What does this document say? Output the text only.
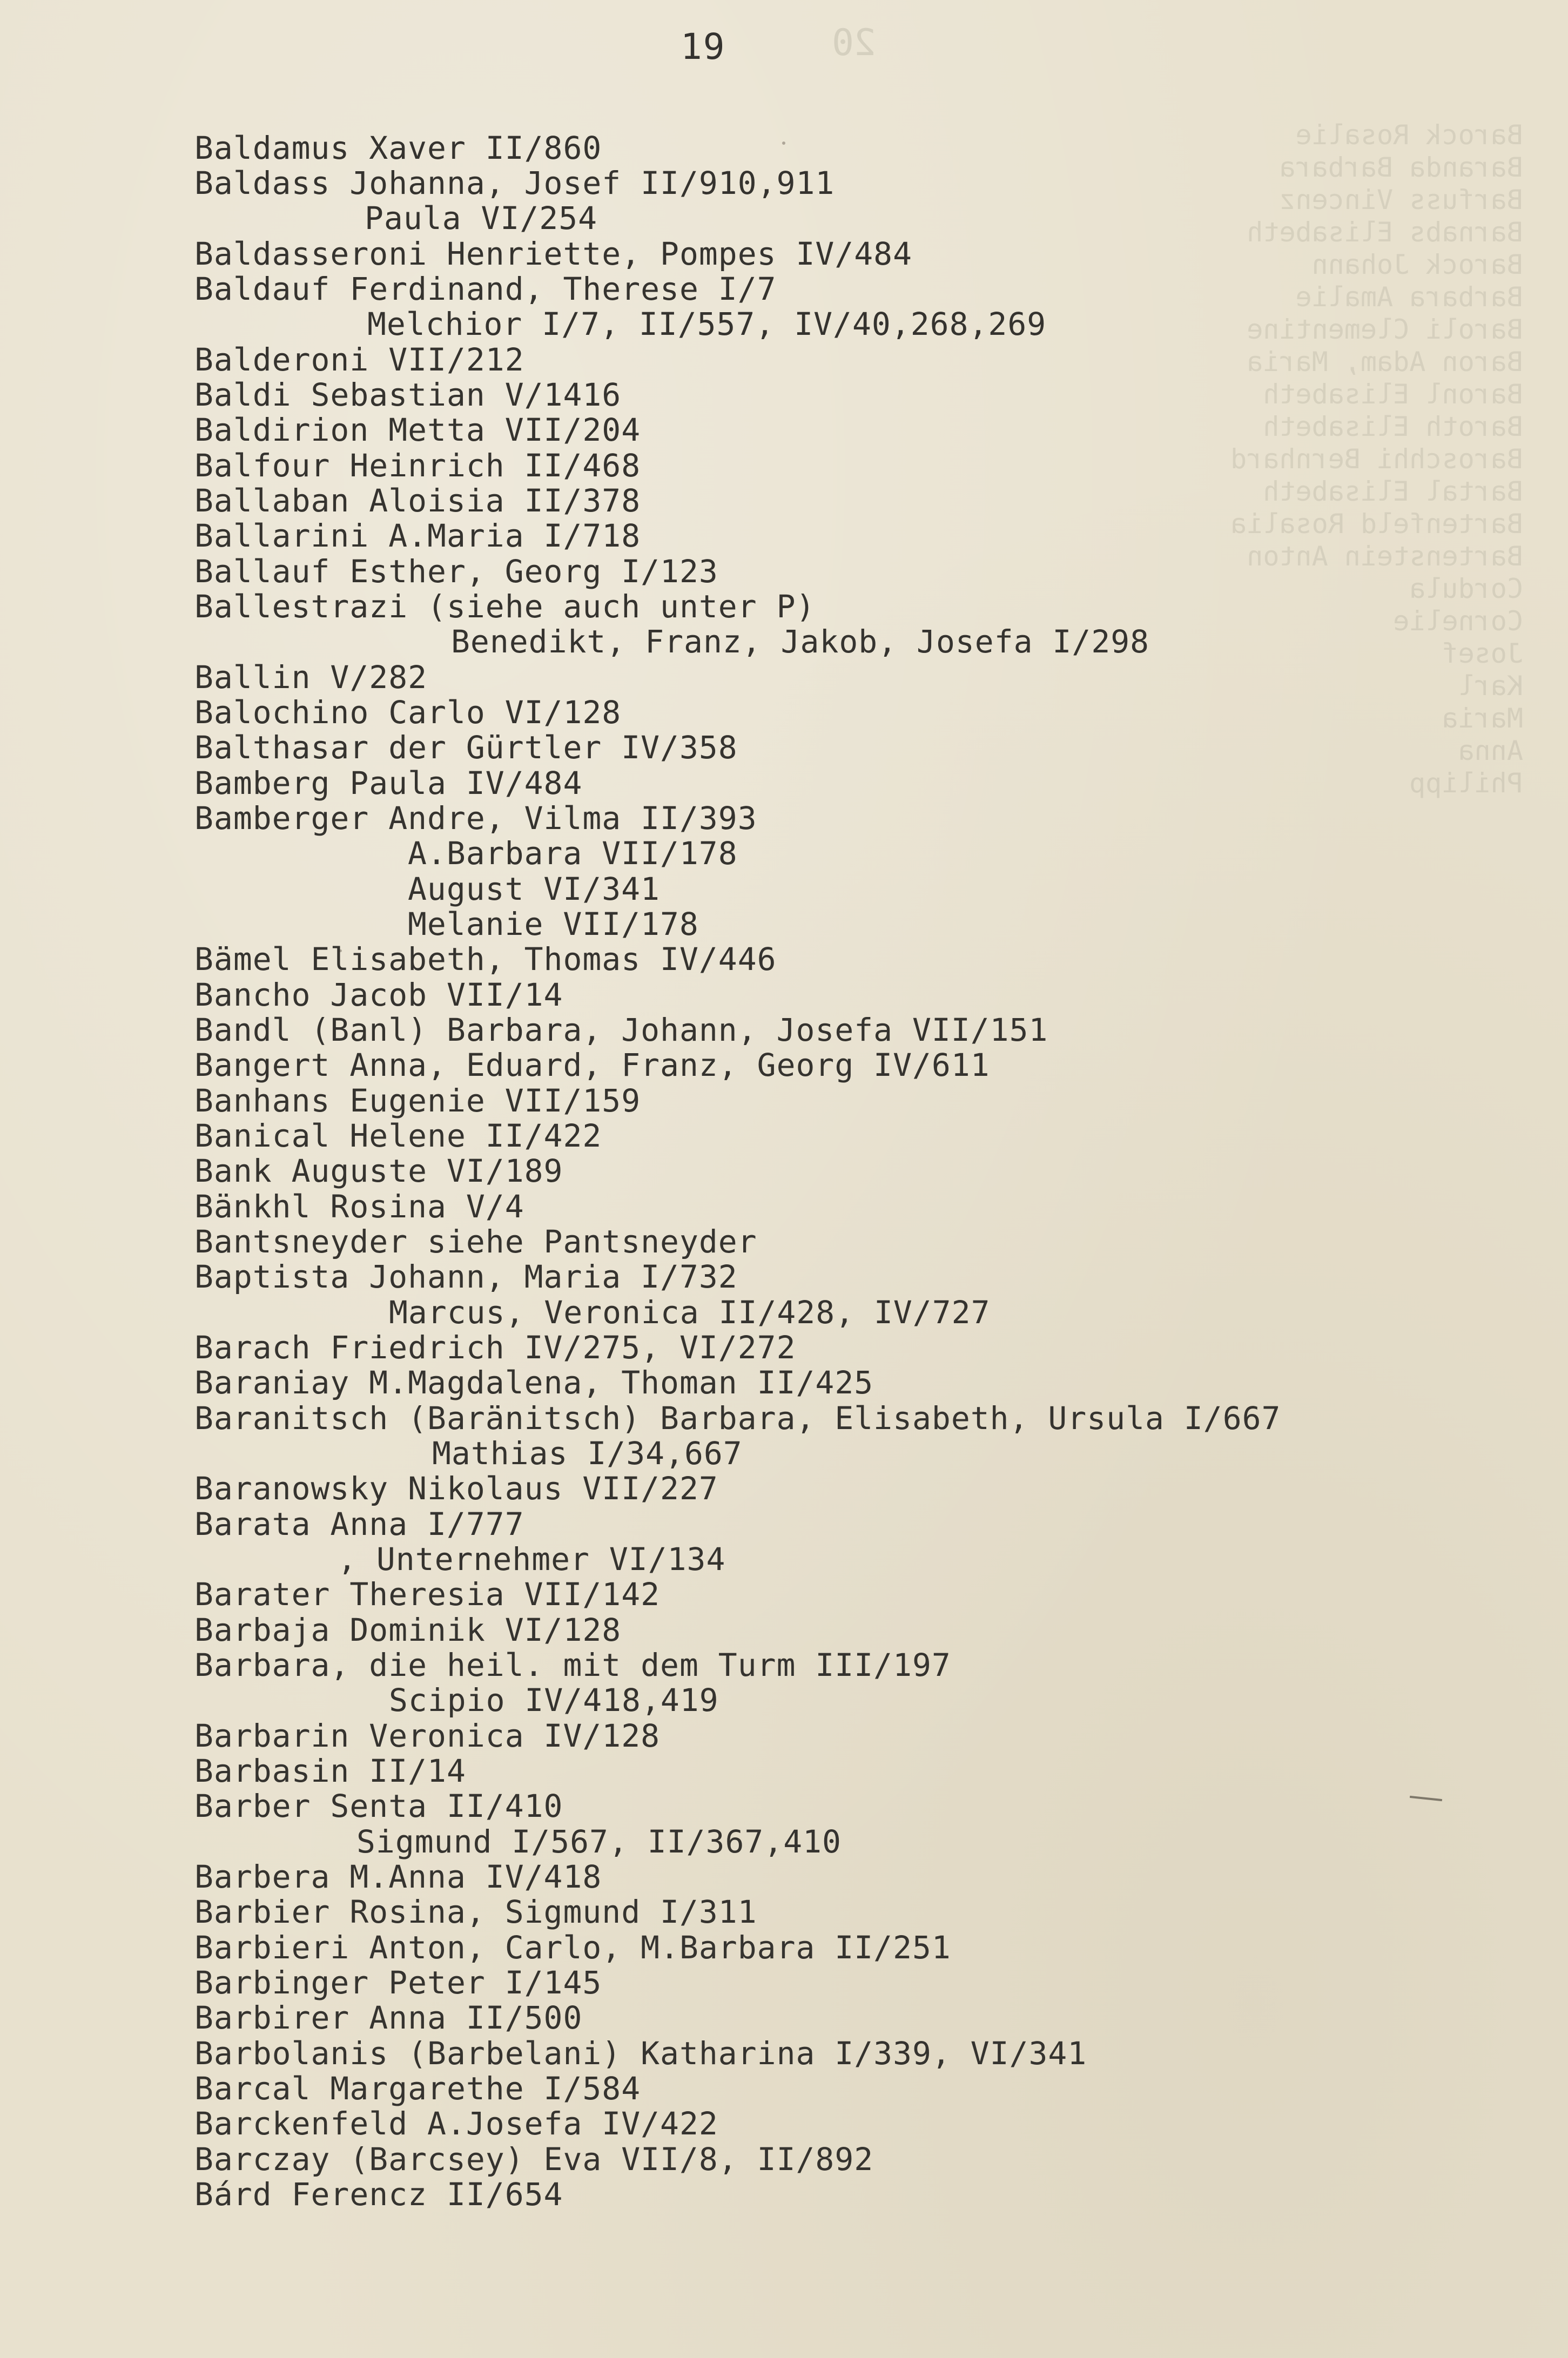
20
Barock Rosalie
Baranda Barbara
Barfuss Vincenz
Barnabs Elisabeth
Barock Johann
Barbara Amalie
Baroli Clementine
Baron Adam,
Baronl Elisabeth
Baroth Elisabeth
Baroschhi
Bartal Elisabeth
Bartenfeld
Bartenstein
Cordula
Cornelie
Josef
Karl
Maria
Anna
Philipp
19
Baldamus Xaver II/860
Baldass Johanna, Josef II/910,911
Paula VI/254
Baldasseroni Henriette, Pompes IV/484
Baldauf Ferdinand, Therese I/7
Melchior I/7, II/557, IV/40,268,269
Balderoni VII/212
Baldi Sebastian V/1416
Baldirion Metta VII/204
Balfour Heinrich II/468
Ballaban Aloisia II/378
Ballarini A.Maria I/718
Ballauf Esther, Georg I/123
Ballestrazi (siehe auch unter P)
Benedikt, Franz, Jakob, Josefa I/298
Ballin V/282
Balochino Carlo VI/128
Balthasar der Gürtler IV/358
Bamberg Paula IV/484
Bamberger Andre, Vilma II/393
A.Barbara VII/178
August VI/341
Melanie VII/178
Bämel Elisabeth, Thomas IV/446
Bancho Jacob VII/14
Bandl (Banl) Barbara, Johann, Josefa VII/151
Bangert Anna, Eduard, Franz, Georg IV/611
Banhans Eugenie VII/159
Banical Helene II/422
Bank Auguste VI/189
Bänkhl Rosina V/4
Bantsneyder siehe Pantsneyder
Baptista Johann, Maria I/732
Marcus, Veronica II/428, IV/727
Barach Friedrich IV/275, VI/272
Baraniay M.Magdalena, Thoman II/425
Baranitsch (Baränitsch) Barbara, Elisabeth, Ursula I/667
Mathias I/34,667
Baranowsky Nikolaus VII/227
Barata Anna I/777
, Unternehmer VI/134
Barater Theresia VII/142
Barbaja Dominik VI/128
Barbara, die heil. mit dem Turm III/197
Scipio IV/418,419
Barbarin Veronica IV/128
Barbasin II/14
Barber Senta II/410
Sigmund I/567, II/367,410
Barbera M.Anna IV/418
Barbier Rosina, Sigmund I/311
Barbieri Anton, Carlo, M.Barbara II/251
Barbinger Peter I/145
Barbirer Anna II/500
Barbolanis (Barbelani) Katharina I/339, VI/341
Barcal Margarethe I/584
Barckenfeld A.Josefa IV/422
Barczay (Barcsey) Eva VII/8, II/892
Bárd Ferencz II/654
